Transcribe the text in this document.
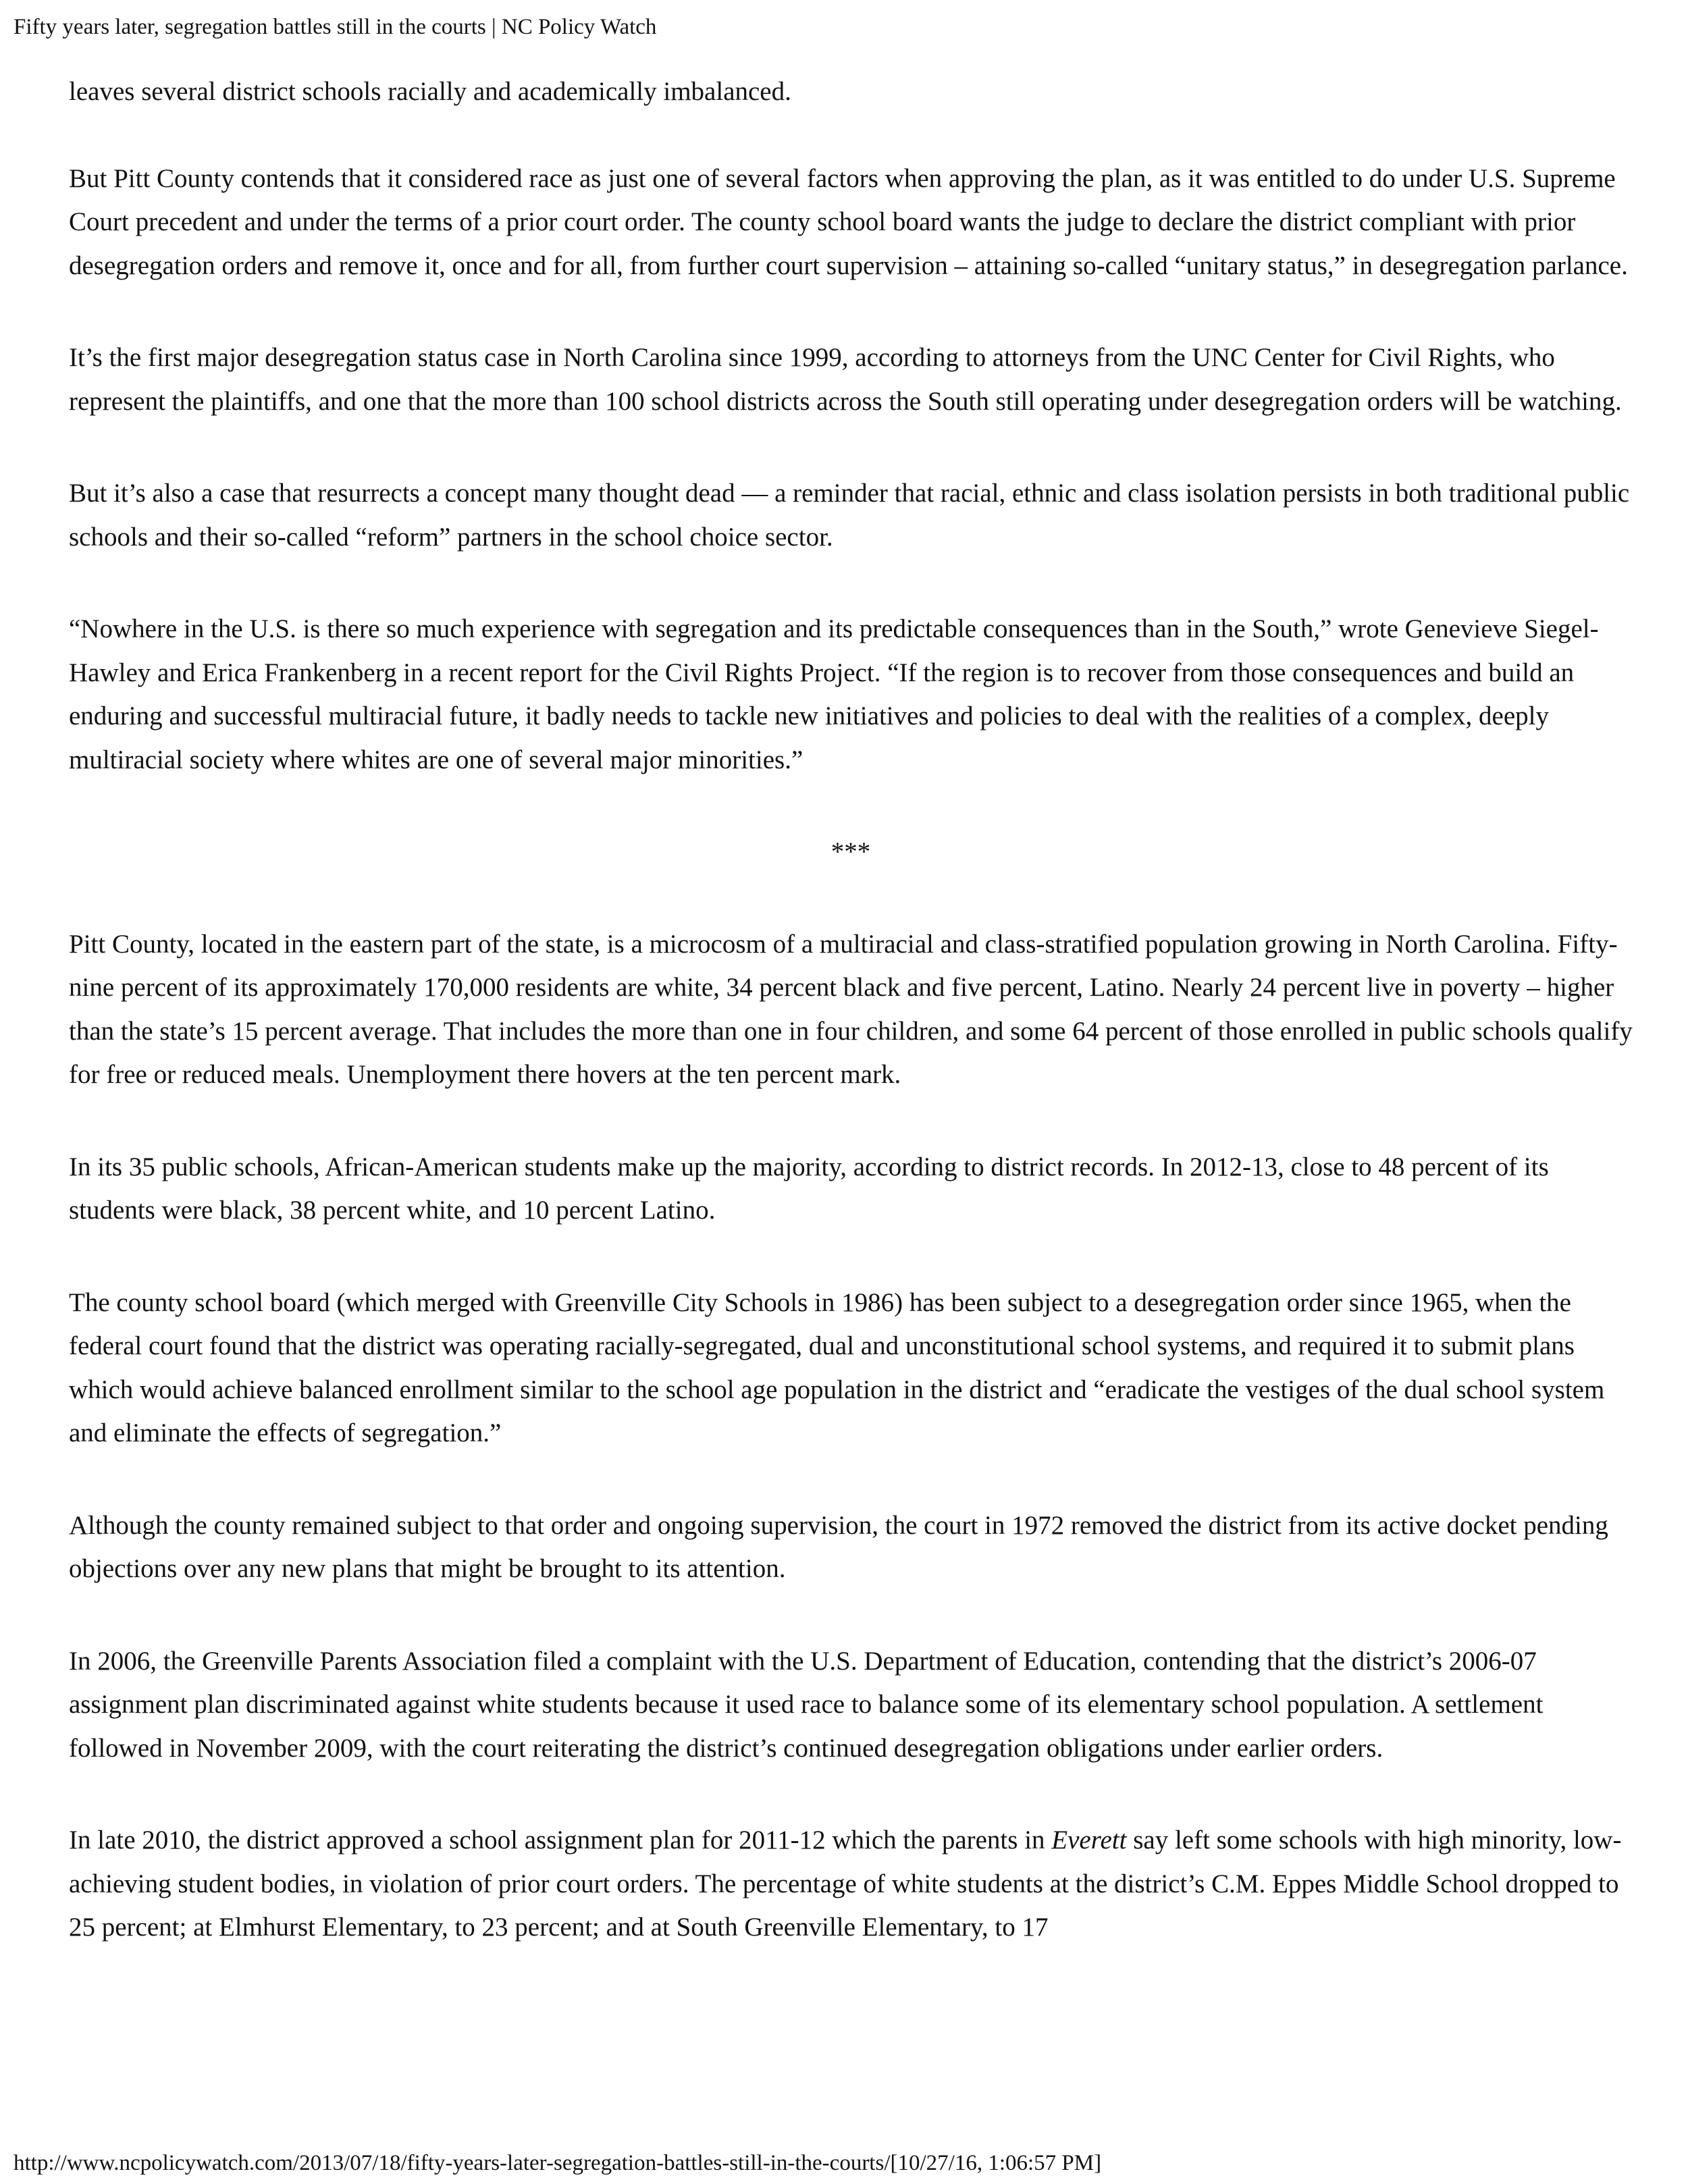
Fifty years later, segregation battles still in the courts | NC Policy Watch

leaves several district schools racially and academically imbalanced.

But Pitt County contends that it considered race as just one of several factors when approving the plan, as it was entitled to do under U.S. Supreme Court precedent and under the terms of a prior court order. The county school board wants the judge to declare the district compliant with prior desegregation orders and remove it, once and for all, from further court supervision – attaining so-called “unitary status,” in desegregation parlance.

It’s the first major desegregation status case in North Carolina since 1999, according to attorneys from the UNC Center for Civil Rights, who represent the plaintiffs, and one that the more than 100 school districts across the South still operating under desegregation orders will be watching.

But it’s also a case that resurrects a concept many thought dead — a reminder that racial, ethnic and class isolation persists in both traditional public schools and their so-called “reform” partners in the school choice sector.

“Nowhere in the U.S. is there so much experience with segregation and its predictable consequences than in the South,” wrote Genevieve Siegel-Hawley and Erica Frankenberg in a recent report for the Civil Rights Project. “If the region is to recover from those consequences and build an enduring and successful multiracial future, it badly needs to tackle new initiatives and policies to deal with the realities of a complex, deeply multiracial society where whites are one of several major minorities.”

***

Pitt County, located in the eastern part of the state, is a microcosm of a multiracial and class-stratified population growing in North Carolina. Fifty-nine percent of its approximately 170,000 residents are white, 34 percent black and five percent, Latino. Nearly 24 percent live in poverty – higher than the state’s 15 percent average. That includes the more than one in four children, and some 64 percent of those enrolled in public schools qualify for free or reduced meals. Unemployment there hovers at the ten percent mark.

In its 35 public schools, African-American students make up the majority, according to district records. In 2012-13, close to 48 percent of its students were black, 38 percent white, and 10 percent Latino.

The county school board (which merged with Greenville City Schools in 1986) has been subject to a desegregation order since 1965, when the federal court found that the district was operating racially-segregated, dual and unconstitutional school systems, and required it to submit plans which would achieve balanced enrollment similar to the school age population in the district and “eradicate the vestiges of the dual school system and eliminate the effects of segregation.”

Although the county remained subject to that order and ongoing supervision, the court in 1972 removed the district from its active docket pending objections over any new plans that might be brought to its attention.

In 2006, the Greenville Parents Association filed a complaint with the U.S. Department of Education, contending that the district’s 2006-07 assignment plan discriminated against white students because it used race to balance some of its elementary school population. A settlement followed in November 2009, with the court reiterating the district’s continued desegregation obligations under earlier orders.

In late 2010, the district approved a school assignment plan for 2011-12 which the parents in Everett say left some schools with high minority, low-achieving student bodies, in violation of prior court orders. The percentage of white students at the district’s C.M. Eppes Middle School dropped to 25 percent; at Elmhurst Elementary, to 23 percent; and at South Greenville Elementary, to 17

http://www.ncpolicywatch.com/2013/07/18/fifty-years-later-segregation-battles-still-in-the-courts/[10/27/16, 1:06:57 PM]
